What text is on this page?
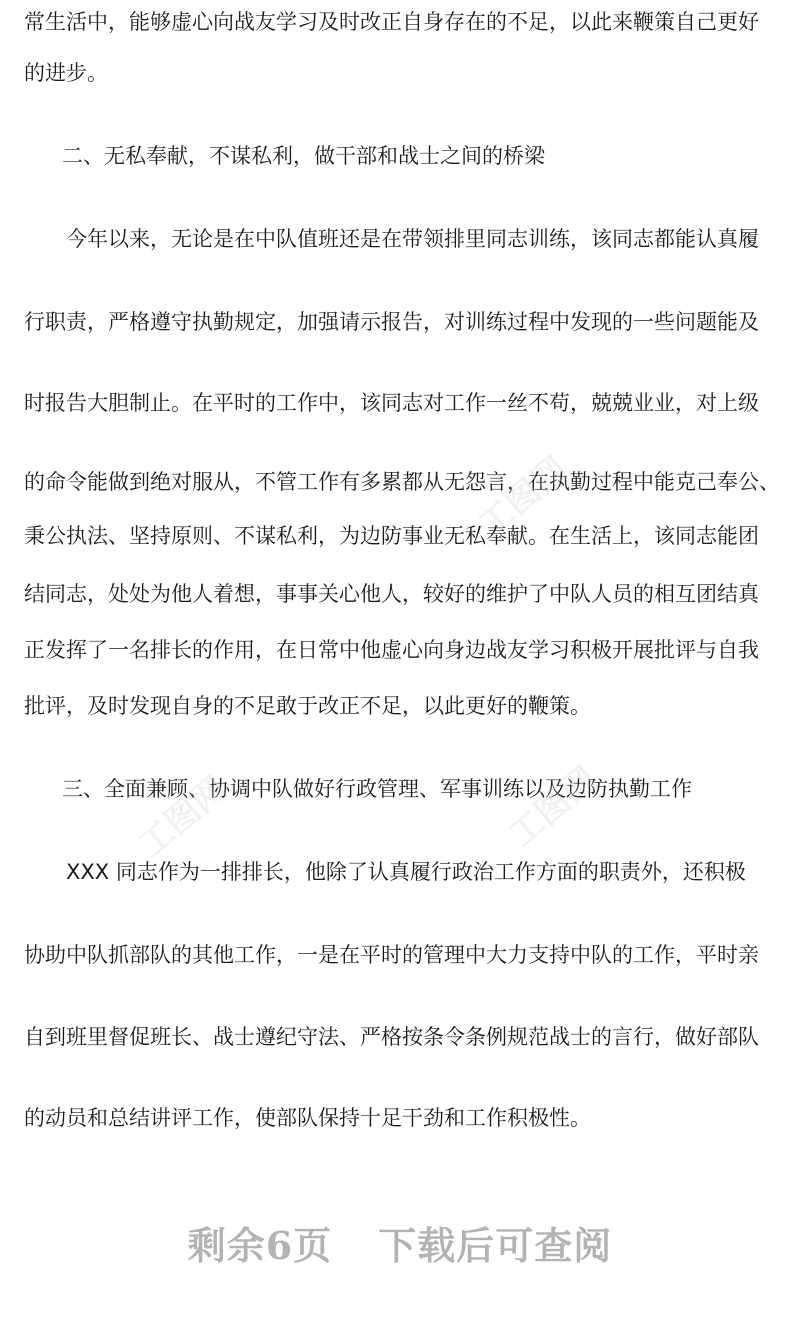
常生活中，能够虚心向战友学习及时改正自身存在的不足，以此来鞭策自己更好
的进步。
二、无私奉献，不谋私利，做干部和战士之间的桥梁
今年以来，无论是在中队值班还是在带领排里同志训练，该同志都能认真履
行职责，严格遵守执勤规定，加强请示报告，对训练过程中发现的一些问题能及
时报告大胆制止。在平时的工作中，该同志对工作一丝不苟，兢兢业业，对上级
的命令能做到绝对服从，不管工作有多累都从无怨言，在执勤过程中能克己奉公、
秉公执法、坚持原则、不谋私利，为边防事业无私奉献。在生活上，该同志能团
结同志，处处为他人着想，事事关心他人，较好的维护了中队人员的相互团结真
正发挥了一名排长的作用，在日常中他虚心向身边战友学习积极开展批评与自我
批评，及时发现自身的不足敢于改正不足，以此更好的鞭策。
三、全面兼顾、协调中队做好行政管理、军事训练以及边防执勤工作
XXX 同志作为一排排长，他除了认真履行政治工作方面的职责外，还积极
协助中队抓部队的其他工作，一是在平时的管理中大力支持中队的工作，平时亲
自到班里督促班长、战士遵纪守法、严格按条令条例规范战士的言行，做好部队
的动员和总结讲评工作，使部队保持十足干劲和工作积极性。
工图网
工图网	工图网
剩余6页 下载后可查阅
